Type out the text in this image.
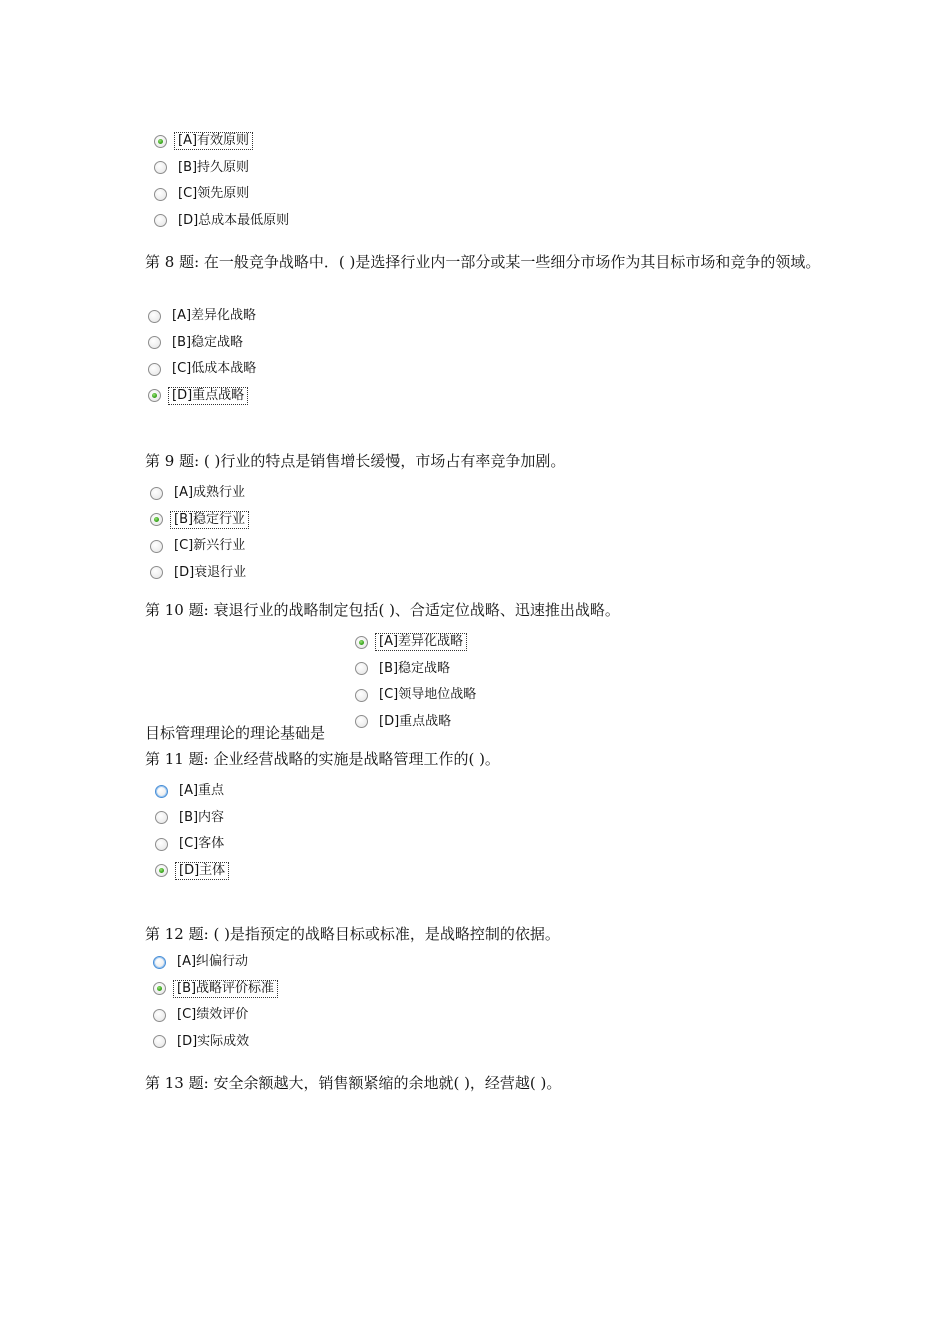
[A]有效原则
[B]持久原则
[C]领先原则
[D]总成本最低原则
第 8 题: 在一般竞争战略中．( )是选择行业内一部分或某一些细分市场作为其目标市场和竞争的领域。
[A]差异化战略
[B]稳定战略
[C]低成本战略
[D]重点战略
第 9 题: ( )行业的特点是销售增长缓慢，市场占有率竞争加剧。
[A]成熟行业
[B]稳定行业
[C]新兴行业
[D]衰退行业
第 10 题: 衰退行业的战略制定包括( )、合适定位战略、迅速推出战略。
[A]差异化战略
[B]稳定战略
[C]领导地位战略
[D]重点战略
目标管理理论的理论基础是
第 11 题: 企业经营战略的实施是战略管理工作的( )。
[A]重点
[B]内容
[C]客体
[D]主体
第 12 题: ( )是指预定的战略目标或标准，是战略控制的依据。
[A]纠偏行动
[B]战略评价标准
[C]绩效评价
[D]实际成效
第 13 题: 安全余额越大，销售额紧缩的余地就( )，经营越( )。
